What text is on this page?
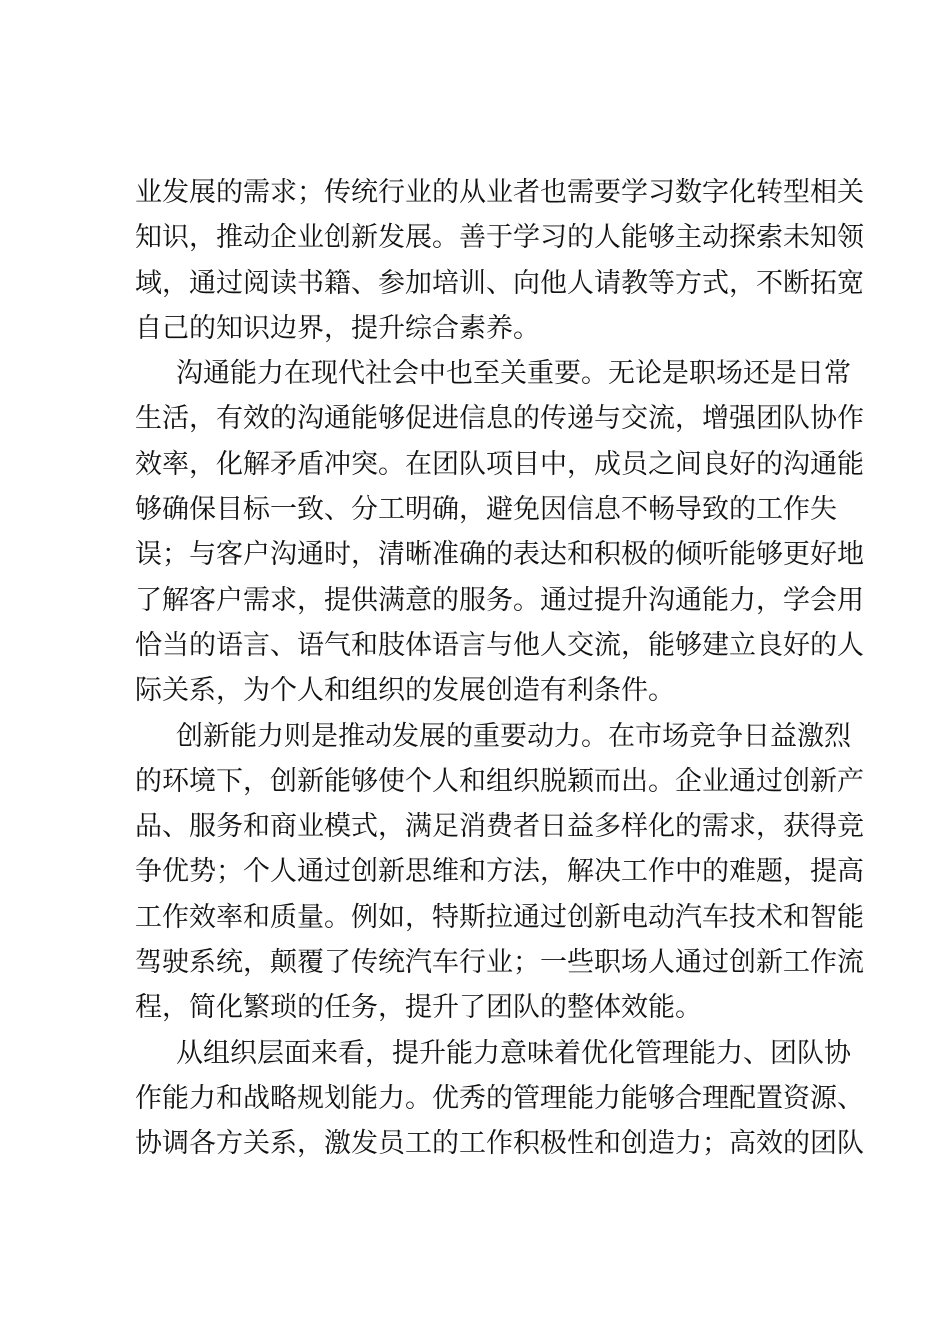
业发展的需求；传统行业的从业者也需要学习数字化转型相关
知识，推动企业创新发展。善于学习的人能够主动探索未知领
域，通过阅读书籍、参加培训、向他人请教等方式，不断拓宽
自己的知识边界，提升综合素养。
沟通能力在现代社会中也至关重要。无论是职场还是日常
生活，有效的沟通能够促进信息的传递与交流，增强团队协作
效率，化解矛盾冲突。在团队项目中，成员之间良好的沟通能
够确保目标一致、分工明确，避免因信息不畅导致的工作失
误；与客户沟通时，清晰准确的表达和积极的倾听能够更好地
了解客户需求，提供满意的服务。通过提升沟通能力，学会用
恰当的语言、语气和肢体语言与他人交流，能够建立良好的人
际关系，为个人和组织的发展创造有利条件。
创新能力则是推动发展的重要动力。在市场竞争日益激烈
的环境下，创新能够使个人和组织脱颖而出。企业通过创新产
品、服务和商业模式，满足消费者日益多样化的需求，获得竞
争优势；个人通过创新思维和方法，解决工作中的难题，提高
工作效率和质量。例如，特斯拉通过创新电动汽车技术和智能
驾驶系统，颠覆了传统汽车行业；一些职场人通过创新工作流
程，简化繁琐的任务，提升了团队的整体效能。
从组织层面来看，提升能力意味着优化管理能力、团队协
作能力和战略规划能力。优秀的管理能力能够合理配置资源、
协调各方关系，激发员工的工作积极性和创造力；高效的团队
